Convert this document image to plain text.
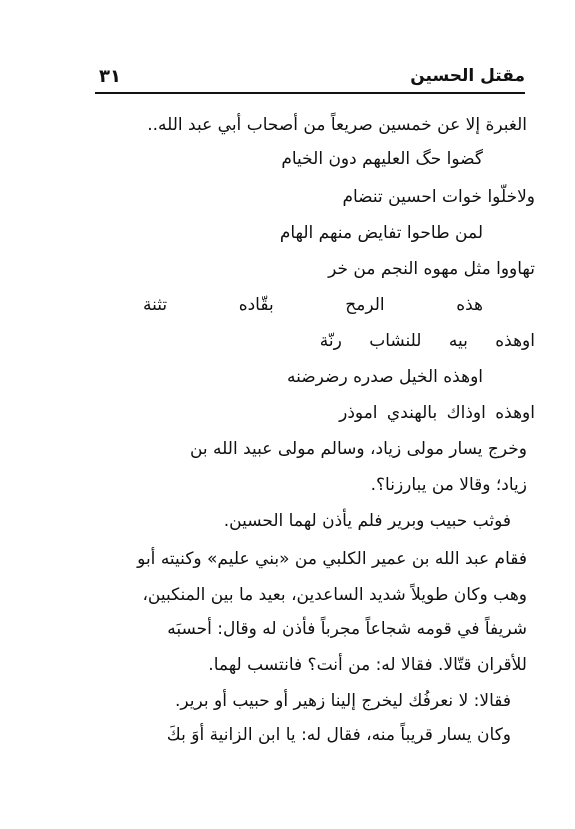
مقتل الحسين
٣١
الغبرة إلا عن خمسين صريعاً من أصحاب أبي عبد الله..
گضوا حگ العليهم دون الخيام
ولاخلّوا خوات احسين تنضام
لمن طاحوا تفايض منهم الهام
تهاووا مثل مهوه النجم من خر
هذه
الرمح
بقّاده
تثنة
اوهذه بيه للنشاب رنّة
اوهذه الخيل صدره رضرضنه
اوهذه اوذاك بالهندي اموذر
وخرج يسار مولى زياد، وسالم مولى عبيد الله بن
زياد؛ وقالا من يبارزنا؟.
فوثب حبيب وبرير فلم يأذن لهما الحسين.
فقام عبد الله بن عمير الكلبي من «بني عليم» وكنيته أبو
وهب وكان طويلاً شديد الساعدين، بعيد ما بين المنكبين،
شريفاً في قومه شجاعاً مجرباً فأذن له وقال: أحسبَه
للأقران قتّالا. فقالا له: من أنت؟ فانتسب لهما.
فقالا: لا نعرفُك ليخرج إلينا زهير أو حبيب أو برير.
وكان يسار قريباً منه، فقال له: يا ابن الزانية أوَ بكَ
